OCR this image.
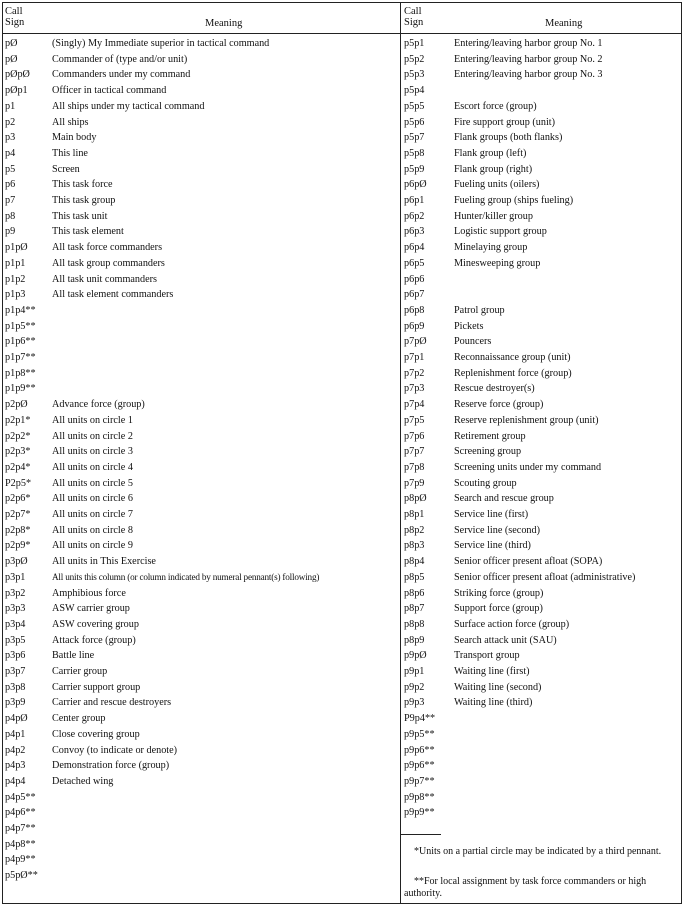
Call Sign	Meaning
Call Sign	Meaning
pØ	(Singly) My Immediate superior in tactical command
pØ	Commander of (type and/or unit)
pØpØ Commanders under my command
pØp1 Officer in tactical command
p1	All ships under my tactical command
p2	All ships
p3	Main body
p4	This line
p5	Screen
p6	This task force
p7	This task group
p8	This task unit
p9	This task element
p1pØ All task force commanders
p1p1	All task group commanders
p1p2	All task unit commanders
p1p3	All task element commanders
p1p4**
p1p5**
p1p6**
p1p7**
p1p8**
p1p9**
p2pØ Advance force (group)
p2p1* All units on circle 1
p2p2* All units on circle 2
p2p3* All units on circle 3
p2p4* All units on circle 4
P2p5* All units on circle 5
p2p6* All units on circle 6
p2p7* All units on circle 7
p2p8* All units on circle 8
p2p9* All units on circle 9
p3pØ All units in This Exercise
p3p1	All units this column (or column indicated by numeral pennant(s) following)
p3p2	Amphibious force
p3p3	ASW carrier group
p3p4	ASW covering group
p3p5	Attack force (group)
p3p6	Battle line
p3p7	Carrier group
p3p8	Carrier support group
p3p9	Carrier and rescue destroyers
p4pØ Center group
p4p1	Close covering group
p4p2	Convoy (to indicate or denote)
p4p3	Demonstration force (group)
p4p4	Detached wing
p4p5**
p4p6**
p4p7**
p4p8**
p4p9**
p5pØ**
p5p1	Entering/leaving harbor group No. 1
p5p2	Entering/leaving harbor group No. 2
p5p3	Entering/leaving harbor group No. 3
p5p4
p5p5	Escort force (group)
p5p6	Fire support group (unit)
p5p7	Flank groups (both flanks)
p5p8	Flank group (left)
p5p9	Flank group (right)
p6pØ	Fueling units (oilers)
p6p1	Fueling group (ships fueling)
p6p2	Hunter/killer group
p6p3	Logistic support group
p6p4	Minelaying group
p6p5	Minesweeping group
p6p6
p6p7
p6p8	Patrol group
p6p9	Pickets
p7pØ	Pouncers
p7p1	Reconnaissance group (unit)
p7p2	Replenishment force (group)
p7p3	Rescue destroyer(s)
p7p4	Reserve force (group)
p7p5	Reserve replenishment group (unit)
p7p6	Retirement group
p7p7	Screening group
p7p8	Screening units under my command
p7p9	Scouting group
p8pØ	Search and rescue group
p8p1	Service line (first)
p8p2	Service line (second)
p8p3	Service line (third)
p8p4	Senior officer present afloat (SOPA)
p8p5	Senior officer present afloat (administrative)
p8p6	Striking force (group)
p8p7	Support force (group)
p8p8	Surface action force (group)
p8p9	Search attack unit (SAU)
p9pØ	Transport group
p9p1	Waiting line (first)
p9p2	Waiting line (second)
p9p3	Waiting line (third)
P9p4**
p9p5**
p9p6**
p9p6**
p9p7**
p9p8**
p9p9**
*Units on a partial circle may be indicated by a third pennant.
**For local assignment by task force commanders or high authority.
